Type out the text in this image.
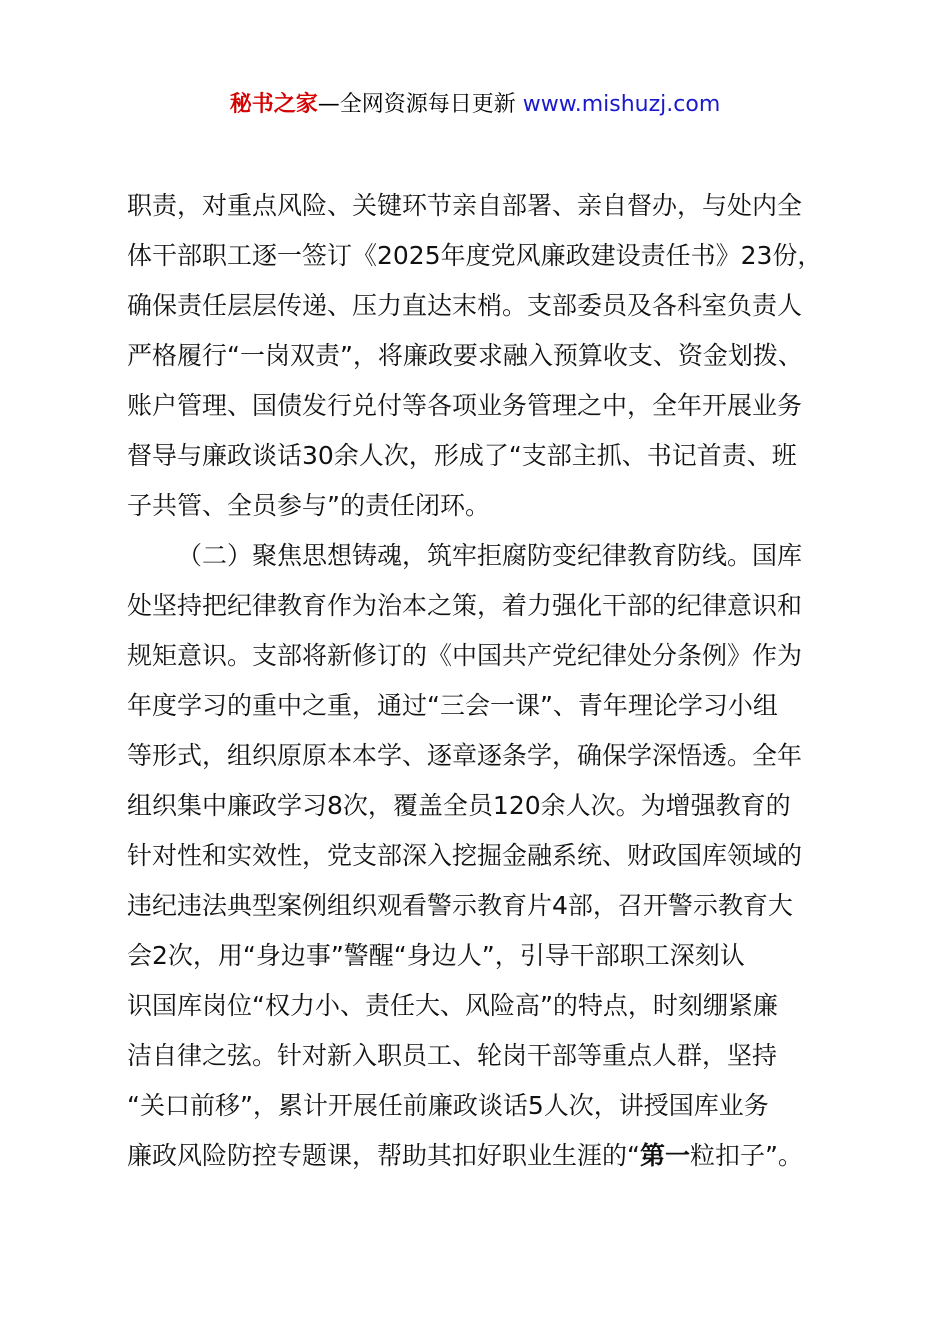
秘书之家—全网资源每日更新 www.mishuzj.com
职责，对重点风险、关键环节亲自部署、亲自督办，与处内全
体干部职工逐一签订《2025年度党风廉政建设责任书》23份，
确保责任层层传递、压力直达末梢。支部委员及各科室负责人
严格履行“一岗双责”，将廉政要求融入预算收支、资金划拨、
账户管理、国债发行兑付等各项业务管理之中，全年开展业务
督导与廉政谈话30余人次，形成了“支部主抓、书记首责、班
子共管、全员参与”的责任闭环。
（二）聚焦思想铸魂，筑牢拒腐防变纪律教育防线。国库
处坚持把纪律教育作为治本之策，着力强化干部的纪律意识和
规矩意识。支部将新修订的《中国共产党纪律处分条例》作为
年度学习的重中之重，通过“三会一课”、青年理论学习小组
等形式，组织原原本本学、逐章逐条学，确保学深悟透。全年
组织集中廉政学习8次，覆盖全员120余人次。为增强教育的
针对性和实效性，党支部深入挖掘金融系统、财政国库领域的
违纪违法典型案例组织观看警示教育片4部，召开警示教育大
会2次，用“身边事”警醒“身边人”，引导干部职工深刻认
识国库岗位“权力小、责任大、风险高”的特点，时刻绷紧廉
洁自律之弦。针对新入职员工、轮岗干部等重点人群，坚持
“关口前移”，累计开展任前廉政谈话5人次，讲授国库业务
廉政风险防控专题课，帮助其扣好职业生涯的“第一粒扣子”。
